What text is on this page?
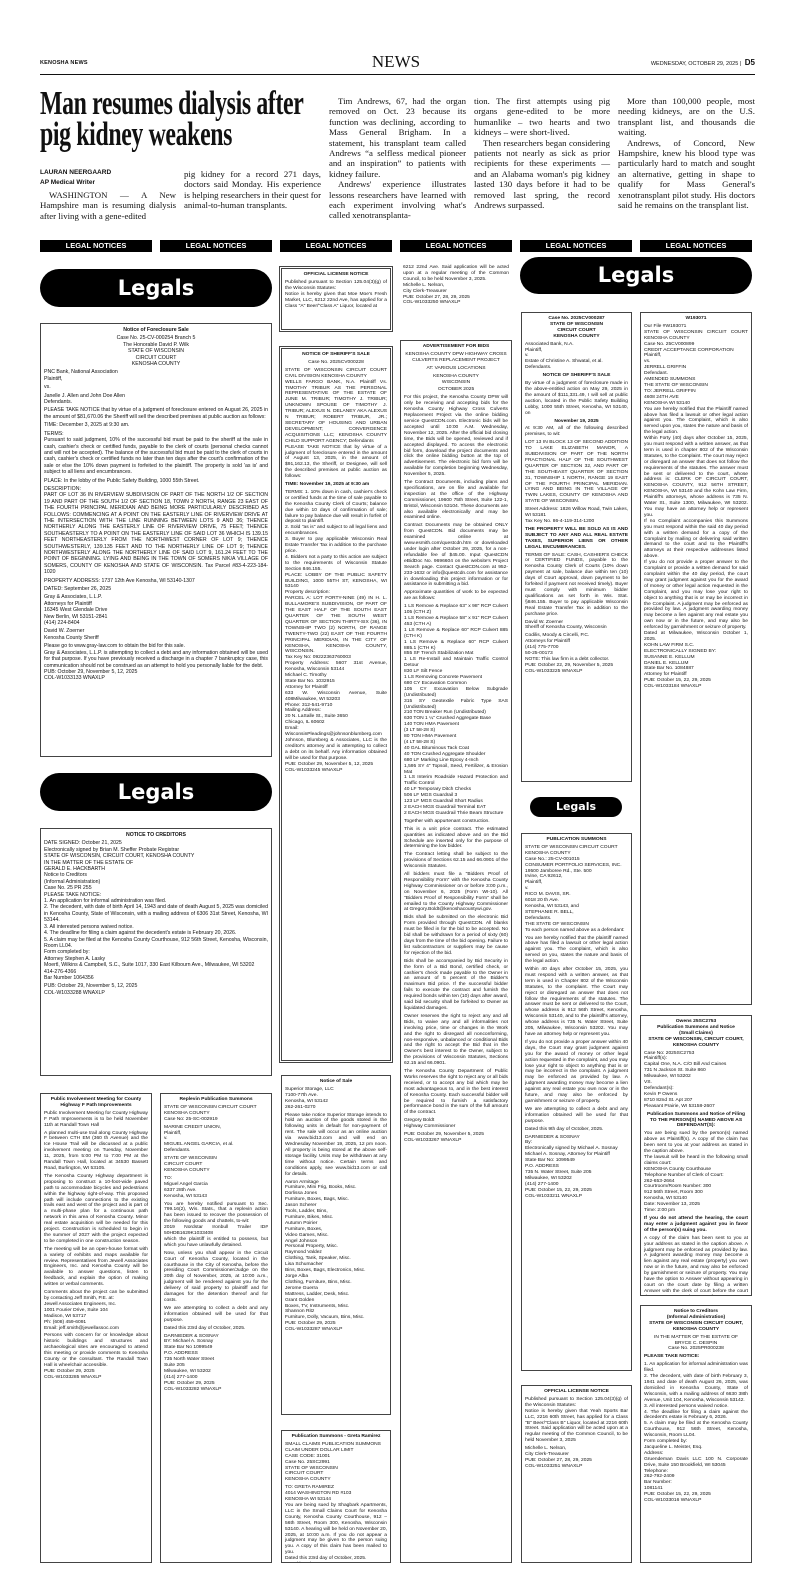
KENOSHA NEWS	NEWS	WEDNESDAY, OCTOBER 29, 2025 | D5
Man resumes dialysis after pig kidney weakens
LAURAN NEERGAARD
AP Medical Writer

WASHINGTON — A New Hampshire man is resuming dialysis after living with a gene-edited

pig kidney for a record 271 days, doctors said Monday. His experience is helping researchers in their quest for animal-to-human transplants.

Tim Andrews, 67, had the organ removed on Oct. 23 because its function was declining, according to Mass General Brigham. In a statement, his transplant team called Andrews “a selfless medical pioneer and an inspiration” to patients with kidney failure.

Andrews' experience illustrates lessons researchers have learned with each experiment involving what's called xenotransplanta-

tion. The first attempts using pig organs gene-edited to be more humanlike – two hearts and two kidneys – were short-lived.

Then researchers began considering patients not nearly as sick as prior recipients for these experiments — and an Alabama woman's pig kidney lasted 130 days before it had to be removed last spring, the record Andrews surpassed.

More than 100,000 people, most needing kidneys, are on the U.S. transplant list, and thousands die waiting.

Andrews, of Concord, New Hampshire, knew his blood type was particularly hard to match and sought an alternative, getting in shape to qualify for Mass General's xenotransplant pilot study. His doctors said he remains on the transplant list.

LEGAL NOTICES	LEGAL NOTICES	LEGAL NOTICES	LEGAL NOTICES	LEGAL NOTICES	LEGAL NOTICES
Legals
Legals
Legals
Legals

Notice of Foreclosure Sale

Case No. 25-CV-000254 Branch 5
The Honorable David P. Wilk
STATE OF WISCONSIN
CIRCUIT COURT
KENOSHA COUNTY

PNC Bank, National Association
Plaintiff,

vs.

Janelle J. Allen and John Doe Allen
Defendants.

PLEASE TAKE NOTICE that by virtue of a judgment of foreclosure entered on August 26, 2025 in the amount of $81,670.06 the Sheriff will sell the described premises at public auction as follows:

TIME: December 3, 2025 at 9:30 am.

TERMS:
Pursuant to said judgment, 10% of the successful bid must be paid to the sheriff at the sale in cash, cashier's check or certified funds, payable to the clerk of courts (personal checks cannot and will not be accepted). The balance of the successful bid must be paid to the clerk of courts in cash, cashier's check or certified funds no later than ten days after the court's confirmation of the sale or else the 10% down payment is forfeited to the plaintiff. The property is sold 'as is' and subject to all liens and encumbrances.

PLACE: In the lobby of the Public Safety Building, 1000 55th Street.

DESCRIPTION:
PART OF LOT 36 IN RIVERVIEW SUBDIVISION OF PART OF THE NORTH 1/2 OF SECTION 19 AND PART OF THE SOUTH 1/2 OF SECTION 18, TOWN 2 NORTH, RANGE 23 EAST OF THE FOURTH PRINCIPAL MERIDIAN AND BEING MORE PARTICULARLY DESCRIBED AS FOLLOWS: COMMENCING AT A POINT ON THE EASTERLY LINE OF RIVERVIEW DRIVE AT THE INTERSECTION WITH THE LINE RUNNING BETWEEN LOTS 9 AND 36; THENCE NORTHERLY ALONG THE EASTERLY LINE OF RIVERVIEW DRIVE, 75 FEET; THENCE SOUTHEASTERLY TO A POINT ON THE EASTERLY LINE OF SAID LOT 36 WHICH IS 139.15 FEET NORTHEASTERLY FROM THE NORTHWEST CORNER OF LOT 9; THENCE SOUTHWESTERLY, 139.135 FEET AND TO THE NORTHERLY LINE OF LOT 9; THENCE NORTHWESTERLY ALONG THE NORTHERLY LINE OF SAID LOT 9, 161.24 FEET TO THE POINT OF BEGINNING. LYING AND BEING IN THE TOWN OF SOMERS N/K/A VILLAGE OF SOMERS, COUNTY OF KENOSHA AND STATE OF WISCONSIN. Tax Parcel #83-4-223-184-1020

PROPERTY ADDRESS: 1737 12th Ave Kenosha, WI 53140-1307

DATED: September 26, 2025

Gray & Associates, L.L.P.
Attorneys for Plaintiff
16345 West Glendale Drive
New Berlin, WI 53151-2841
(414) 224-8404

David W. Zoerner
Kenosha County Sheriff

Please go to www.gray-law.com to obtain the bid for this sale.
Gray & Associates, L.L.P. is attempting to collect a debt and any information obtained will be used for that purpose. If you have previously received a discharge in a chapter 7 bankruptcy case, this communication should not be construed as an attempt to hold you personally liable for the debt.
PUB: October 29, November 5, 12, 2025
COL-W1033133 WNAXLP

NOTICE TO CREDITORS

DATE SIGNED: October 21, 2025
Electronically signed by Brian M. Sheffer Probate Registrar
STATE OF WISCONSIN, CIRCUIT COURT, KENOSHA COUNTY
IN THE MATTER OF THE ESTATE OF
GERALD E. HACKBARTH
Notice to Creditors
(Informal Administration)
Case No. 25 PR 255
PLEASE TAKE NOTICE:
1. An application for informal administration was filed.
2. The decedent, with date of birth April 14, 1943 and date of death August 5, 2025 was domiciled in Kenosha County, State of Wisconsin, with a mailing address of 6306 31st Street, Kenosha, WI 53144.
3. All interested persons waived notice.
4. The deadline for filing a claim against the decedent's estate is February 20, 2026.
5. A claim may be filed at the Kenosha County Courthouse, 912 56th Street, Kenosha, Wisconsin, Room LL04.
Form completed by:
Attorney Stephen A. Lasky
Moertl, Wilkins & Campbell, S.C., Suite 1017, 330 East Kilbourn Ave., Milwaukee, WI 53202
414-276-4366
Bar Number 1064356

PUB: October 29, November 5, 12, 2025
COL-W1033288 WNAXLP

Public Involvement Meeting for County Highway F Path Improvements

Public Involvement Meeting for County Highway F Path Improvements is to be held November 11th at Randall Town Hall

A planned multi-use trail along County Highway F between CTH EM (360 th Avenue) and the Ice House Trail will be discussed at a public involvement meeting on Tuesday, November 11, 2025, from 5:00 PM to 7:00 PM at the Randall Town Hall, located at 34530 Bassett Road, Burlington, WI 53105.

The Kenosha County Highway department is proposing to construct a 10-foot-wide paved path to accommodate bicycles and pedestrians within the highway right-of-way. This proposed path will include connections to the existing trails east and west of the project and is part of a multi-phase plan for a continuous path network in this area of Kenosha County. Minor real estate acquisition will be needed for this project. Construction is scheduled to begin in the summer of 2027 with the project expected to be completed in one construction season.

The meeting will be an open-house format with a variety of exhibits and maps available for review. Representatives from Jewell Associates Engineers, Inc. and Kenosha County will be available to answer questions, listen to feedback, and explain the option of making written or verbal comments.

Comments about the project can be submitted by contacting Jeff Smith, P.E. at:
Jewell Associates Engineers, Inc.
1001 Fourier Drive, Suite 104
Madison, WI 53717
Ph: (608) 459-6091
Email: jeff.smith@jewellassoc.com

Persons with concern for or knowledge about historic buildings and structures and archaeological sites are encouraged to attend this meeting or provide comments to Kenosha County or the consultant. The Randall Town Hall is wheelchair accessible.
PUB: October 29, 2025
COL-W1033285 WNAXLP

Replevin Publication Summons

STATE OF WISCONSIN CIRCUIT COURT
KENOSHA COUNTY
Case No: 25-SC-002919

MARINE CREDIT UNION,
Plaintiff,
v.
MIGUEL ANGEL GARCIA, et al.
Defendants.

STATE OF WISCONSIN
CIRCUIT COURT
KENOSHA COUNTY

TO:
Miguel Angel Garcia
6337 28th Ave.
Kenosha, WI 53143

You are hereby notified pursuant to Sec. 799.16(2), Wis. Stats., that a replevin action has been issued to recover the possession of the following goods and chattels, to-wit:
2019 Nordstar Ironbull Trailer ID# 50HDB1629K1033408
which the plaintiff is entitled to possess, but which you have unlawfully detained.

Now, unless you shall appear in the Circuit Court of Kenosha County, located in the courthouse in the City of Kenosha, before the presiding Court Commissioner/Judge on the 20th day of November, 2025, at 10:00 a.m., judgment will be rendered against you for the delivery of said property to plaintiff and for damages for the detention thereof and for costs.

We are attempting to collect a debt and any information obtained will be used for that purpose.

Dated this 23rd day of October, 2025.

DARNIEDER & SOSNAY
BY: Michael A. Sosnay
State Bar No 1099549
P.O. ADDRESS
735 North Water Street
Suite 205
Milwaukee, WI 53202
(414) 277-1400
PUB: October 29, 2025
COL-W1033282 WNAXLP

OFFICIAL LICENSE NOTICE

Published pursuant to Section 125.04(3)(g) of the Wisconsin Statutes:
Notice is hereby given that Moe Moe's Fresh Market, LLC, 6212 22nd Ave, has applied for a Class "A" Beer/"Class A" Liquor, located at

6212 22nd Ave. Said application will be acted upon at a regular meeting of the Common Council, to be held November 3, 2025.
Michelle L. Nelson,
City Clerk-Treasurer
PUB: October 27, 28, 29, 2025
COL-W1033250 WNAXLP

NOTICE OF SHERIFF'S SALE

Case No. 2025CV000228

STATE OF WISCONSIN CIRCUIT COURT CIVIL DIVISION KENOSHA COUNTY
WELLS FARGO BANK, N.A. Plaintiff Vs. TIMOTHY TRIBUR AS THE PERSONAL REPRESENTATIVE OF THE ESTATE OF JUNE M. TRIBUR; TIMOTHY J. TRIBUR; UNKNOWN SPOUSE OF TIMOTHY J. TRIBUR; ALEXUS N. DELANEY AKA ALEXUS N TRIBUR; ROBERT TRIBUR, JR.; SECRETARY OF HOUSING AND URBAN DEVELOPMENT; CONVERGENCE ACQUISITIONS LLC; KENOSHA COUNTY CHILD SUPPORT AGENCY; Defendants
PLEASE TAKE NOTICE that by virtue of a judgment of foreclosure entered in the amount of August 13, 2025, in the amount of $91,162.13, the Sheriff, or Designee, will sell the described premises at public auction as follows:

TIME: November 19, 2025 at 9:30 am

TERMS: 1. 10% down in cash, cashier's check or certified funds at the time of sale payable to the Kenosha County Clerk of Courts; balance due within 10 days of confirmation of sale; failure to pay balance due will result in forfeit of deposit to plaintiff.
2. Sold "as is" and subject to all legal liens and encumbrances.
3. Buyer to pay applicable Wisconsin Real Estate Transfer Tax in addition to the purchase price.
4. Bidders not a party to this action are subject to the requirements of Wisconsin Statute Section 846.155.
PLACE: LOBBY OF THE PUBLIC SAFETY BUILDING, 1000 55TH ST, KENOSHA, WI 53140
Property description:
PARCEL A: LOT FORTY-NINE (49) IN H. L. BULLAMORE'S SUBDIVISION, OF PART OF THE EAST HALF OF THE SOUTH EAST QUARTER OF THE SOUTH WEST QUARTER OF SECTION THIRTY-SIX (36), IN TOWNSHIP TWO (2) NORTH, OF RANGE TWENTY-TWO (22) EAST OF THE FOURTH PRINCIPAL MERIDIAN, IN THE CITY OF KENOSHA, KENOSHA COUNTY, WISCONSIN.
Tax Key No: 09222363760003
Property Address: 5607 31st Avenue, Kenosha, Wisconsin 53144
Michael C. Timothy
State Bar No. 1032915
Attorney for Plaintiff
633 W. Wisconsin Avenue, Suite 408Milwaukee, WI 53203
Phone: 312-541-9710
Mailing Address:
20 N. LaSalle St., Suite 3650
Chicago, IL 60602
Email:
WisconsinPleadings@johnsonblumberg.com
Johnson, Blumberg & Associates, LLC is the creditor's attorney and is attempting to collect a debt on its behalf. Any information obtained will be used for that purpose.
PUB: October 29, November 5, 12, 2025
COL-W1033245 WNAXLP

Notice of Sale

Superior Storage, LLC
7100-77th Ave.
Kenosha, WI 53142
262-261-0270

Please take notice Superior Storage intends to hold an auction of the goods stored in the following units in default for non-payment of rent. The sale will occur as an online auction via www.bid13.com and will end on Wednesday November 19, 2025, 12 pm noon. All property is being stored at the above self-storage facility. Units may be withdrawn at any time without notice. Certain terms and conditions apply, see www.bid13.com or call for details.

Aaron Armitage
Furniture, Mini Frig, Books, Misc.
Dorlissa Jones
Furniture, Boxes, Bags, Misc.
Jason Scherer
Tools, Ladder, Bins,
Furniture, Bikes, Misc.
Autumn Poirier
Furniture, Boxes,
Video Games, Misc.
Angel Johnson
Personal Property, Misc.
Raymond Valdez
Clothing, Tank, Speaker, Misc.
Lisa Schumacher
Bins, Boxes, Bags, Electronics, Misc.
Jorge Alba
Clothing, Furniture, Bins, Misc.
Jerome Guerra
Mattress, Ladder, Desk, Misc.
Grant Golden
Boxes, TV, Instruments, Misc.
Shannon Ritz
Furniture, Dolly, Vacuum, Bins, Misc.
PUB: October 29, 2025
COL-W1033287 WNAXLP

Publication Summons - Greta Ramirez

SMALL CLAIMS PUBLICATION SUMMONS
CLAIM UNDER DOLLAR LIMIT
CASE CODE: 31001
Case No. 25SC2991
STATE OF WISCONSIN
CIRCUIT COURT
KENOSHA COUNTY

TO: GRETA RAMIREZ
4014 WASHINGTON RD #103
KENOSHA WI 53144
You are being sued by Shagbark Apartments, LLC in the Small Claims Court for Kenosha County, Kenosha County Courthouse, 912 – 56th Street, Room 300, Kenosha, Wisconsin 53140. A hearing will be held on November 20, 2025, at 10:00 a.m. If you do not appear a judgment may be given to the person suing you. A copy of this claim has been mailed to you.
Dated this 23rd day of October, 2025.

ADVERTISEMENT FOR BIDS

KENOSHA COUNTY DPW HIGHWAY CROSS CULVERTS REPLACEMENT PROJECT

AT: VARIOUS LOCATIONS

KENOSHA COUNTY
WISCONSIN

OCTOBER 2025

For this project, the Kenosha County DPW will only be receiving and accepting bids for the Kenosha County Highway Cross Culverts Replacement Project via the online bidding service QuestCDN.com. Electronic bids will be accepted until 10:00 A.M. Wednesday, November 12, 2025. After the official bid closing time, the Bids will be opened, reviewed and if accepted displayed. To access the electronic bid form, download the project documents and click the online bidding button at the top of advertisement. The electronic bid form will be available for completion beginning Wednesday, November 5, 2025.

The Contract Documents, including plans and specifications, are on file and available for inspection at the office of the Highway Commissioner, 19600 75th Street, Suite 122-1, Bristol, Wisconsin 53104. These documents are also available electronically and may be examined online.

Contract Documents may be obtained ONLY from QuestCDN. Bid documents may be examined online at www.esmith.com/questcdn.htm or downloaded under login after October 29, 2025, for a non-refundable fee of $45.00. Input QuestCDN eBidDoc No. 9696604 on the website's Project Search page. Contact QuestCDN.com at 952-233-1632 or info@questcdn.com for assistance in downloading this project information or for assistance in submitting a bid.

Approximate quantities of work to be expected are as follows:

1 LS Remove & Replace 63" x 98" RCP Culvert 105 (CTH Z)
1 LS Remove & Replace 58" x 91" RCP Culvert 453 (CTH A)
1 LS Remove & Replace 60" RCP Culvert 885 (CTH K)
1 LS Remove & Replace 60" RCP Culvert 885.1 (CTH K)
855 SF Trench Stabilization Mat
1 LS Re-Install and Maintain Traffic Control Detour
830 LF Silt Fence
1 LS Removing Concrete Pavement
680 CY Excavation Common
105 CY Excavation Below Subgrade (Undistributed)
315 SY Geotextile Fabric Type SAS (Undistributed)
210 TON Breaker Run (Undistributed)
630 TON 1 ¼" Crushed Aggregate Base
140 TON HMA Pavement
(3 LT 58-28 S)
80 TON HMA Pavement
(4 LT 58-28 S)
40 GAL Bituminous Tack Coat
40 TON Crushed Aggregate Shoulder
680 LF Marking Line Epoxy 4-Inch
1,595 SY 4" Topsoil, Seed, Fertilizer, & Erosion Mat
1 LS Interim Roadside Hazard Protection and Traffic Control
40 LF Temporary Ditch Checks
506 LF MGS Guardrail 3
123 LF MGS Guardrail Short Radius
2 EACH MGS Guardrail Terminal EAT
2 EACH MGS Guardrail Thrie Beam Structure

Together with appurtenant construction.

This is a unit price contract. The estimated quantities as indicated above and on the Bid Schedule are inserted only for the purpose of determining the low bidder.

The Contract letting shall be subject to the provisions of Sections 62.15 and 66.0901 of the Wisconsin Statutes.

All bidders must file a "Bidders Proof of Responsibility Form" with the Kenosha County Highway Commissioner on or before 3:00 p.m., on November 6, 2025 (Form WI-10). All "Bidders Proof of Responsibility Form" shall be emailed to the County Highway Commissioner at Gregory.Boldt@kenoshacountywi.gov.

Bids shall be submitted on the electronic Bid Form provided through QuestCDN. All blanks must be filled in for the bid to be accepted. No bid shall be withdrawn for a period of sixty (60) days from the time of the bid opening. Failure to list subcontractors or suppliers may be cause for rejection of the bid.

Bids shall be accompanied by Bid Security in the form of a Bid Bond, certified check, or cashier's check made payable to the Owner in an amount of 5 percent of the Bidder's maximum Bid price. If the successful bidder fails to execute the contract and furnish the required bonds within ten (10) days after award, said bid security shall be forfeited to Owner as liquidated damages.

Owner reserves the right to reject any and all Bids, to waive any and all informalities not involving price, time or changes in the Work and the right to disregard all nonconforming, non-responsive, unbalanced or conditional Bids and the right to accept the Bid that in the Owner's best interest to the Owner, subject to the provisions of Wisconsin Statutes, Sections 62.15 and 66.0901.

The Kenosha County Department of Public Works reserves the right to reject any or all bids received, or to accept any bid which may be most advantageous to, and in the best interest of Kenosha County. Each successful bidder will be required to furnish a satisfactory performance bond in the sum of the full amount of the contract.

Gregory Boldt
Highway Commissioner

PUB: October 29, November 5, 2025
COL-W1033267 WNAXLP

Case No. 2025CV000287
STATE OF WISCONSIN
CIRCUIT COURT
KENOSHA COUNTY

Associated Bank, N.A.
Plaintiff,
v.
Estate of Christine A. Shwatal, et al.
Defendants.

NOTICE OF SHERIFF'S SALE

By virtue of a judgment of foreclosure made in the above-entitled action on May 29, 2025 in the amount of $111,331.49, I will sell at public auction, located in the Public Safety Building Lobby, 1000 55th Street, Kenosha, WI 53140, on

November 19, 2025

At 9:30 AM, all of the following described premises, to wit:

LOT 13 IN BLOCK 13 OF SECOND ADDITION TO LAKE ELIZABETH MANOR, A SUBDIVISION OF PART OF THE NORTH FRACTIONAL HALF OF THE SOUTHWEST QUARTER OF SECTION 32, AND PART OF THE SOUTHEAST QUARTER OF SECTION 31, TOWNSHIP 1 NORTH, RANGE 19 EAST OF THE FOURTH PRINCIPAL MERIDIAN. LYING AND BEING IN THE VILLAGE OF TWIN LAKES, COUNTY OF KENOSHA AND STATE OF WISCONSIN.

Street Address: 1826 Willow Road, Twin Lakes, WI 53181
Tax Key No. 86-4-119-314-1200

THE PROPERTY WILL BE SOLD AS IS AND SUBJECT TO ANY AND ALL REAL ESTATE TAXES, SUPERIOR LIENS OR OTHER LEGAL ENCUMBRANCES.

TERMS OF SALE: CASH, CASHIER'S CHECK or CERTIFIED FUNDS, payable to the Kenosha County Clerk of Courts (10% down payment at sale, balance due within ten (10) days of Court approval, down payment to be forfeited if payment not received timely). Buyer must comply with minimum bidder qualifications as set forth in Wis. Stat. §846.155. Buyer to pay applicable Wisconsin Real Estate Transfer Tax in addition to the purchase price.

David W. Zoerner
Sheriff of Kenosha County, Wisconsin

Codilis, Moody & Circelli, P.C.
Attorneys for Plaintiff
(414) 775-7700
50-25-00173
NOTE: This law firm is a debt collector.
PUB: October 22, 29, November 5, 2025
COL-W1033225 WNAXLP

PUBLICATION SUMMONS

STATE OF WISCONSIN CIRCUIT COURT
KENOSHA COUNTY
Case No.: 25-CV-001015
CONSUMER PORTFOLIO SERVICES, INC.
19500 Jamboree Rd., Ste. 500
Irvine, CA 92612,
Plaintiff,
v.
RICO M. DAVIS, SR.
6018 20 th Ave.
Kenosha, WI 53143, and
STEPHANIE R. BELL,
Defendants.
THE STATE OF WISCONSIN
To each person named above as a defendant:

You are hereby notified that the plaintiff named above has filed a lawsuit or other legal action against you. The complaint, which is also served on you, states the nature and basis of the legal action.

Within 40 days after October 15, 2025, you must respond with a written answer, as that term is used in Chapter 802 of the Wisconsin Statutes, to the complaint. The Court may reject or disregard an answer that does not follow the requirements of the statutes. The answer must be sent or delivered to the Court, whose address is 912 56th Street, Kenosha, Wisconsin 53140, and to the plaintiff's attorney, whose address is 735 N. Water Street, Suite 205, Milwaukee, Wisconsin 53202. You may have an attorney help or represent you.

If you do not provide a proper answer within 40 days, the Court may grant judgment against you for the award of money or other legal action requested in the complaint, and you may lose your right to object to anything that is or may be incorrect in the complaint. A judgment may be enforced as provided by law. A judgment awarding money may become a lien against any real estate you own now or in the future, and may also be enforced by garnishment or seizure of property.

We are attempting to collect a debt and any information obtained will be used for that purpose.

Dated this 9th day of October, 2025.

DARNIEDER & SOSNAY
By:
Electronically signed by Michael A. Sosnay
Michael A. Sosnay, Attorney for Plaintiff
State Bar No: 1099549
P.O. ADDRESS
735 N. Water Street, Suite 205
Milwaukee, WI 53202
(414) 277-1400
PUB: October 15, 22, 29, 2025
COL-W1033211 WNAXLP

OFFICIAL LICENSE NOTICE

Published pursuant to Section 125.04(3)(g) of the Wisconsin Statutes:
Notice is hereby given that Yeah Sports Bar LLC, 2216 60th Street, has applied for a Class "B" Beer/"Class B" Liquor, located at 2216 60th Street. Said application will be acted upon at a regular meeting of the Common Council, to be held November 3, 2025

Michelle L. Nelson,
City Clerk-Treasurer
PUB: October 27, 28, 29, 2025
COL-W1033251 WNAXLP

W193071

Our File #W193071
STATE OF WISCONSIN CIRCUIT COURT KENOSHA COUNTY
Case No. 25CV000899
CREDIT ACCEPTANCE CORPORATION
Plaintiff,
vs.
JERRELL GRIFFIN
Defendant.
AMENDED SUMMONS
THE STATE OF WISCONSIN
TO: JERRELL GRIFFIN
4608 24TH AVE
KENOSHA WI 53140
You are hereby notified that the Plaintiff named above has filed a lawsuit or other legal action against you. The Complaint, which is also served upon you, states the nature and basis of the legal action.
Within Forty (40) days after October 15, 2025, you must respond with a written answer, as that term is used in chapter 802 of the Wisconsin Statutes, to the Complaint. The court may reject or disregard an answer that does not follow the requirements of the statutes. The answer must be sent or delivered to the court, whose address is: CLERK OF CIRCUIT COURT, KENOSHA COUNTY, 912 56TH STREET, KENOSHA, WI 53140 and the Kohn Law Firm, Plaintiff's attorneys, whose address is 735 N. Water St., Suite 1300, Milwaukee, WI 53202. You may have an attorney help or represent you.
If no Complaint accompanies this Summons you must respond within the said 40 day period with a written demand for a copy of the Complaint by mailing or delivering said written demand to the court and to the Plaintiff's attorneys at their respective addresses listed above.
If you do not provide a proper answer to the Complaint or provide a written demand for said complaint within the 40 day period, the court may grant judgment against you for the award of money or other legal action requested in the Complaint, and you may lose your right to object to anything that is or may be incorrect in the Complaint. A judgment may be enforced as provided by law. A judgment awarding money may become a lien against any real estate you own now or in the future, and may also be enforced by garnishment or seizure of property.
Dated at Milwaukee, Wisconsin October 1, 2025.
KOHN LAW FIRM S.C.
ELECTRONICALLY SIGNED BY:
SUSANNE E. KELLUM
DANIEL E. KELLUM
State Bar No. 1084887
Attorney for Plaintiff
PUB: October 15, 22, 29, 2025
COL-W1033184 WNAXLP

Owens 25SC2753
Publication Summons and Notice
(Small Claims)
STATE OF WISCONSIN, CIRCUIT COURT, KENOSHA COUNTY

Case No: 2025SC2753
Plaintiff(s):
Capital One, N.A. C/O Bill And Caines
731 N Jackson St. Suite 860
Milwaukee, WI 53202
VS.
Defendant(s):
Kevin P Owens
8710 82nd St. Apt 207
Pleasant Prairie, WI 53158-2607

Publication Summons and Notice of Filing
TO THE PERSON(S) NAMED ABOVE AS DEFENDANT(S):

You are being sued by the person(s) named above as Plaintiff(s). A copy of the claim has been sent to you at your address as stated in the caption above.
The lawsuit will be heard in the following small claims court:
KENOSHA County Courthouse
Telephone Number of Clerk of Court:
262-653-2664
Courtroom/Room Number: 300
912 56th Street, Room 300
Kenosha, WI 53140
Date: November 13, 2025
Time: 2:00 pm

If you do not attend the hearing, the court may enter a judgment against you in favor of the person(s) suing you.

A copy of the claim has been sent to you at your address as stated in the caption above. A judgment may be enforced as provided by law. A judgment awarding money may become a lien against any real estate (property) you own now or in the future, and may also be enforced by garnishment or seizure of property. You may have the option to Answer without appearing in court on the court date by filing a written Answer with the clerk of court before the court

Notice to Creditors
(Informal Administration)
STATE OF WISCONSIN CIRCUIT COURT, KENOSHA COUNTY

IN THE MATTER OF THE ESTATE OF
BRYCE C. DESPIN
Case No. 2025PR000238

PLEASE TAKE NOTICE:

1. An application for informal administration was filed.
2. The decedent, with date of birth February 3, 1941 and date of death August 26, 2025, was domiciled in Kenosha County, State of Wisconsin, with a mailing address of 6630 38th Avenue, Unit 104, Kenosha, Wisconsin 53142.
3. All interested persons waived notice.
4. The deadline for filing a claim against the decedent's estate is February 6, 2026.
5. A claim may be filed at the Kenosha County Courthouse, 912 56th Street, Kenosha, Wisconsin, Room LL04.
Form completed by:
Jacqueline L. Meister, Esq.
Address:
Gruendeman Davis LLC 100 N. Corporate Drive, Suite 150 Brookfield, WI 53045
Telephone:
262-792-2409
Bar Number:
1081141
PUB: October 15, 22, 29, 2025
COL-W1033016 WNAXLP
